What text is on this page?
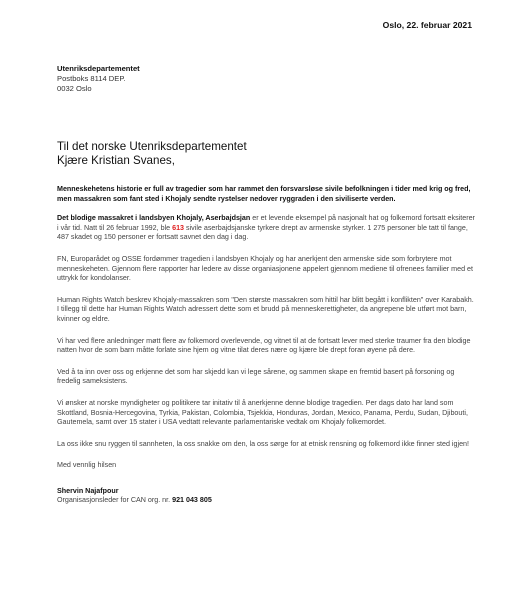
Oslo, 22. februar 2021
Utenriksdepartementet
Postboks 8114 DEP.
0032 Oslo
Til det norske Utenriksdepartementet
Kjære Kristian Svanes,

Menneskehetens historie er full av tragedier som har rammet den forsvarsløse sivile befolkningen i tider med krig og fred, men massakren som fant sted i Khojaly sendte rystelser nedover ryggraden i den siviliserte verden.

Det blodige massakret i landsbyen Khojaly, Aserbajdsjan er et levende eksempel på nasjonalt hat og folkemord fortsatt eksiterer i vår tid. Natt til 26 februar 1992, ble 613 sivile aserbajdsjanske tyrkere drept av armenske styrker. 1 275 personer ble tatt til fange, 487 skadet og 150 personer er fortsatt savnet den dag i dag.

FN, Europarådet og OSSE fordømmer tragedien i landsbyen Khojaly og har anerkjent den armenske side som forbrytere mot menneskeheten. Gjennom flere rapporter har ledere av disse organiasjonene appelert gjennom mediene til ofrenees familier med et uttrykk for kondolanser.

Human Rights Watch beskrev Khojaly-massakren som "Den største massakren som hittil har blitt begått i konflikten" over Karabakh. I tillegg til dette har Human Rights Watch adressert dette som et brudd på menneskerettigheter, da angrepene ble utført mot barn, kvinner og eldre.

Vi har ved flere anledninger møtt flere av folkemord overlevende, og vitnet til at de fortsatt lever med sterke traumer fra den blodige natten hvor de som barn måtte forlate sine hjem og vitne tilat deres nære og kjære ble drept foran øyene på dere.

Ved å ta inn over oss og erkjenne det som har skjedd kan vi lege sårene, og sammen skape en fremtid basert på forsoning og fredelig sameksistens.

Vi ønsker at norske myndigheter og politikere tar initativ til å anerkjenne denne blodige tragedien. Per dags dato har land som Skottland, Bosnia-Hercegovina, Tyrkia, Pakistan, Colombia, Tsjekkia, Honduras, Jordan, Mexico, Panama, Perdu, Sudan, Djibouti, Gautemela, samt over 15 stater i USA vedtatt relevante parlamentariske vedtak om Khojaly folkemordet.

La oss ikke snu ryggen til sannheten, la oss snakke om den, la oss sørge for at etnisk rensning og folkemord ikke finner sted igjen!

Med vennlig hilsen

Shervin Najafpour
Organisasjonsleder for CAN org. nr. 921 043 805
